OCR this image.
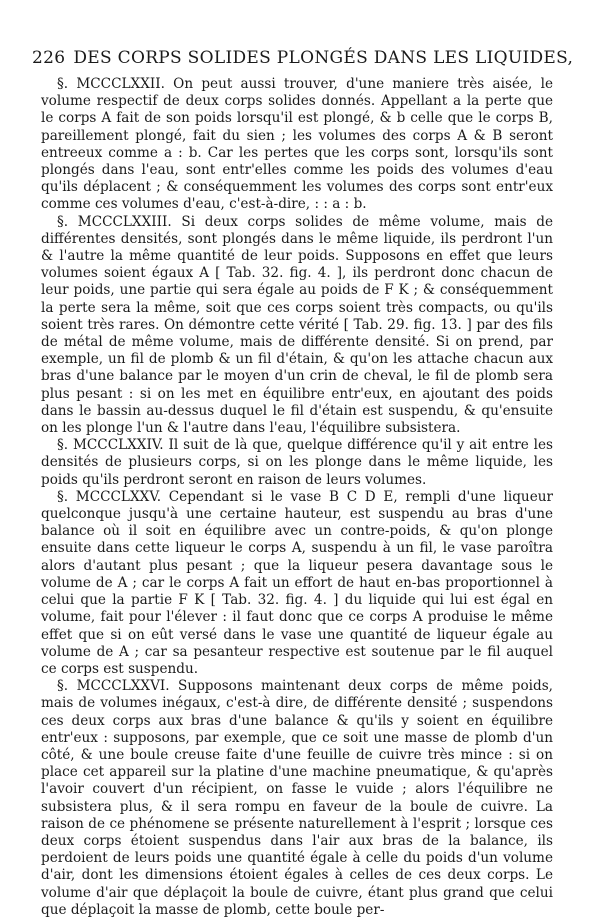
226 DES CORPS SOLIDES PLONGÉS DANS LES LIQUIDES,

§. MCCCLXXII. On peut aussi trouver, d'une maniere très aisée, le volume respectif de deux corps solides donnés. Appellant a la perte que le corps A fait de son poids lorsqu'il est plongé, & b celle que le corps B, pareillement plongé, fait du sien ; les volumes des corps A & B seront entreeux comme a : b. Car les pertes que les corps sont, lorsqu'ils sont plongés dans l'eau, sont entr'elles comme les poids des volumes d'eau qu'ils déplacent ; & conséquemment les volumes des corps sont entr'eux comme ces volumes d'eau, c'est-à-dire, : : a : b.

§. MCCCLXXIII. Si deux corps solides de même volume, mais de différentes densités, sont plongés dans le même liquide, ils perdront l'un & l'autre la même quantité de leur poids. Supposons en effet que leurs volumes soient égaux A [ Tab. 32. fig. 4. ], ils perdront donc chacun de leur poids, une partie qui sera égale au poids de F K ; & conséquemment la perte sera la même, soit que ces corps soient très compacts, ou qu'ils soient très rares. On démontre cette vérité [ Tab. 29. fig. 13. ] par des fils de métal de même volume, mais de différente densité. Si on prend, par exemple, un fil de plomb & un fil d'étain, & qu'on les attache chacun aux bras d'une balance par le moyen d'un crin de cheval, le fil de plomb sera plus pesant : si on les met en équilibre entr'eux, en ajoutant des poids dans le bassin au-dessus duquel le fil d'étain est suspendu, & qu'ensuite on les plonge l'un & l'autre dans l'eau, l'équilibre subsistera.

§. MCCCLXXIV. Il suit de là que, quelque différence qu'il y ait entre les densités de plusieurs corps, si on les plonge dans le même liquide, les poids qu'ils perdront seront en raison de leurs volumes.

§. MCCCLXXV. Cependant si le vase B C D E, rempli d'une liqueur quelconque jusqu'à une certaine hauteur, est suspendu au bras d'une balance où il soit en équilibre avec un contre-poids, & qu'on plonge ensuite dans cette liqueur le corps A, suspendu à un fil, le vase paroîtra alors d'autant plus pesant ; que la liqueur pesera davantage sous le volume de A ; car le corps A fait un effort de haut en-bas proportionnel à celui que la partie F K [ Tab. 32. fig. 4. ] du liquide qui lui est égal en volume, fait pour l'élever : il faut donc que ce corps A produise le même effet que si on eût versé dans le vase une quantité de liqueur égale au volume de A ; car sa pesanteur respective est soutenue par le fil auquel ce corps est suspendu.

§. MCCCLXXVI. Supposons maintenant deux corps de même poids, mais de volumes inégaux, c'est-à dire, de différente densité ; suspendons ces deux corps aux bras d'une balance & qu'ils y soient en équilibre entr'eux : supposons, par exemple, que ce soit une masse de plomb d'un côté, & une boule creuse faite d'une feuille de cuivre très mince : si on place cet appareil sur la platine d'une machine pneumatique, & qu'après l'avoir couvert d'un récipient, on fasse le vuide ; alors l'équilibre ne subsistera plus, & il sera rompu en faveur de la boule de cuivre. La raison de ce phénomene se présente naturellement à l'esprit ; lorsque ces deux corps étoient suspendus dans l'air aux bras de la balance, ils perdoient de leurs poids une quantité égale à celle du poids d'un volume d'air, dont les dimensions étoient égales à celles de ces deux corps. Le volume d'air que déplaçoit la boule de cuivre, étant plus grand que celui que déplaçoit la masse de plomb, cette boule per-
